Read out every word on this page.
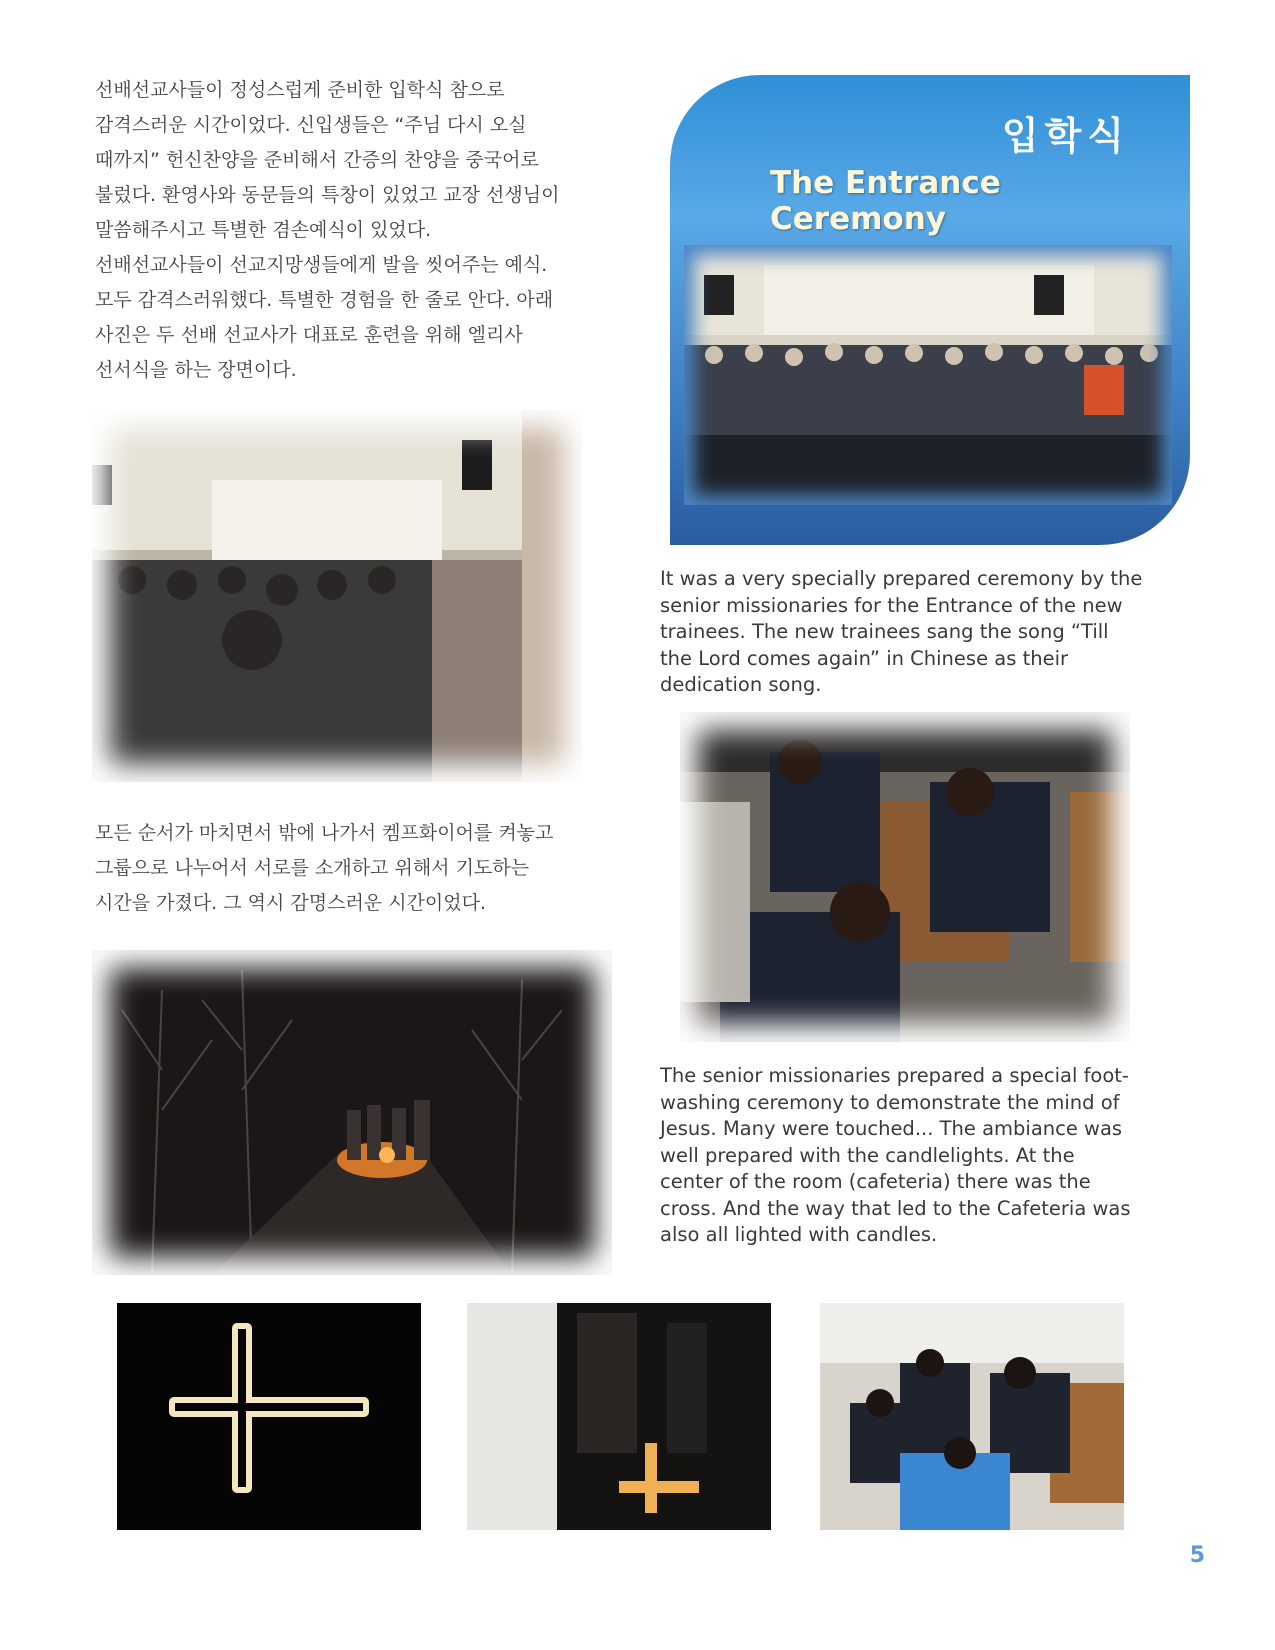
선배선교사들이 정성스럽게 준비한 입학식 참으로

감격스러운 시간이었다. 신입생들은 “주님 다시 오실

때까지” 헌신찬양을 준비해서 간증의 찬양을 중국어로

불렀다. 환영사와 동문들의 특창이 있었고 교장 선생님이

말씀해주시고 특별한 겸손예식이 있었다.

선배선교사들이 선교지망생들에게 발을 씻어주는 예식.

모두 감격스러워했다. 특별한 경험을 한 줄로 안다. 아래

사진은 두 선배 선교사가 대표로 훈련을 위해 엘리사

선서식을 하는 장면이다.

입학식
The Entrance Ceremony

It was a very specially prepared ceremony by the

senior missionaries for the Entrance of the new

trainees. The new trainees sang the song “Till

the Lord comes again” in Chinese as their

dedication song.

모든 순서가 마치면서 밖에 나가서 켐프화이어를 켜놓고

그룹으로 나누어서 서로를 소개하고 위해서 기도하는

시간을 가졌다. 그 역시 감명스러운 시간이었다.

The senior missionaries prepared a special foot-

washing ceremony to demonstrate the mind of

Jesus. Many were touched... The ambiance was

well prepared with the candlelights. At the

center of the room (cafeteria) there was the

cross. And the way that led to the Cafeteria was

also all lighted with candles.

5
